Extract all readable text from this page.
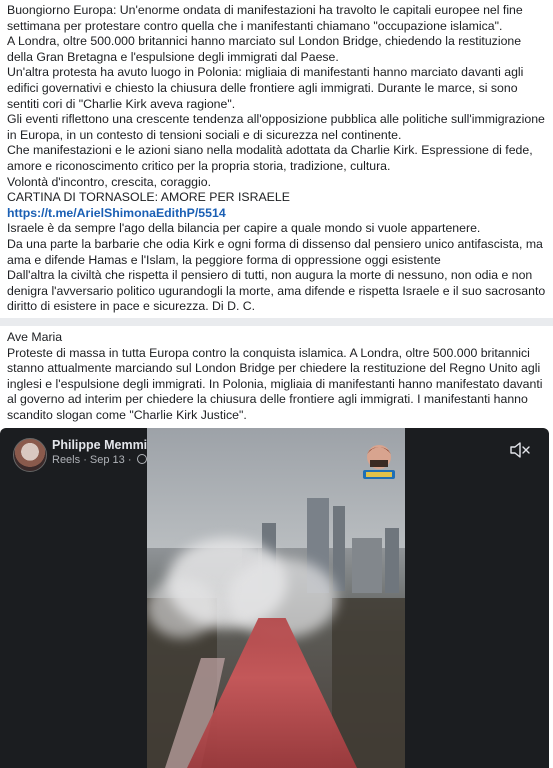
Buongiorno Europa: Un'enorme ondata di manifestazioni ha travolto le capitali europee nel fine settimana per protestare contro quella che i manifestanti chiamano "occupazione islamica".

A Londra, oltre 500.000 britannici hanno marciato sul London Bridge, chiedendo la restituzione della Gran Bretagna e l'espulsione degli immigrati dal Paese.

Un'altra protesta ha avuto luogo in Polonia: migliaia di manifestanti hanno marciato davanti agli edifici governativi e chiesto la chiusura delle frontiere agli immigrati. Durante le marce, si sono sentiti cori di "Charlie Kirk aveva ragione".

Gli eventi riflettono una crescente tendenza all'opposizione pubblica alle politiche sull'immigrazione in Europa, in un contesto di tensioni sociali e di sicurezza nel continente.

Che manifestazioni e le azioni siano nella modalità adottata da Charlie Kirk. Espressione di fede, amore e riconoscimento critico per la propria storia, tradizione, cultura.

Volontà d'incontro, crescita, coraggio.

CARTINA DI TORNASOLE: AMORE PER ISRAELE

https://t.me/ArielShimonaEdithP/5514

Israele è da sempre l'ago della bilancia per capire a quale mondo si vuole appartenere.

Da una parte la barbarie che odia Kirk e ogni forma di dissenso dal pensiero unico antifascista, ma ama e difende Hamas e l'Islam, la peggiore forma di oppressione oggi esistente

Dall'altra la civiltà che rispetta il pensiero di tutti, non augura la morte di nessuno, non odia e non denigra l'avversario politico ugurandogli la morte, ama difende e rispetta Israele e il suo sacrosanto diritto di esistere in pace e sicurezza. Di D. C.

Ave Maria

Proteste di massa in tutta Europa contro la conquista islamica. A Londra, oltre 500.000 britannici stanno attualmente marciando sul London Bridge per chiedere la restituzione del Regno Unito agli inglesi e l'espulsione degli immigrati. In Polonia, migliaia di manifestanti hanno manifestato davanti al governo ad interim per chiedere la chiusura delle frontiere agli immigrati. I manifestanti hanno scandito slogan come "Charlie Kirk Justice".

Philippe Memmi
Reels · Sep 13 ·
